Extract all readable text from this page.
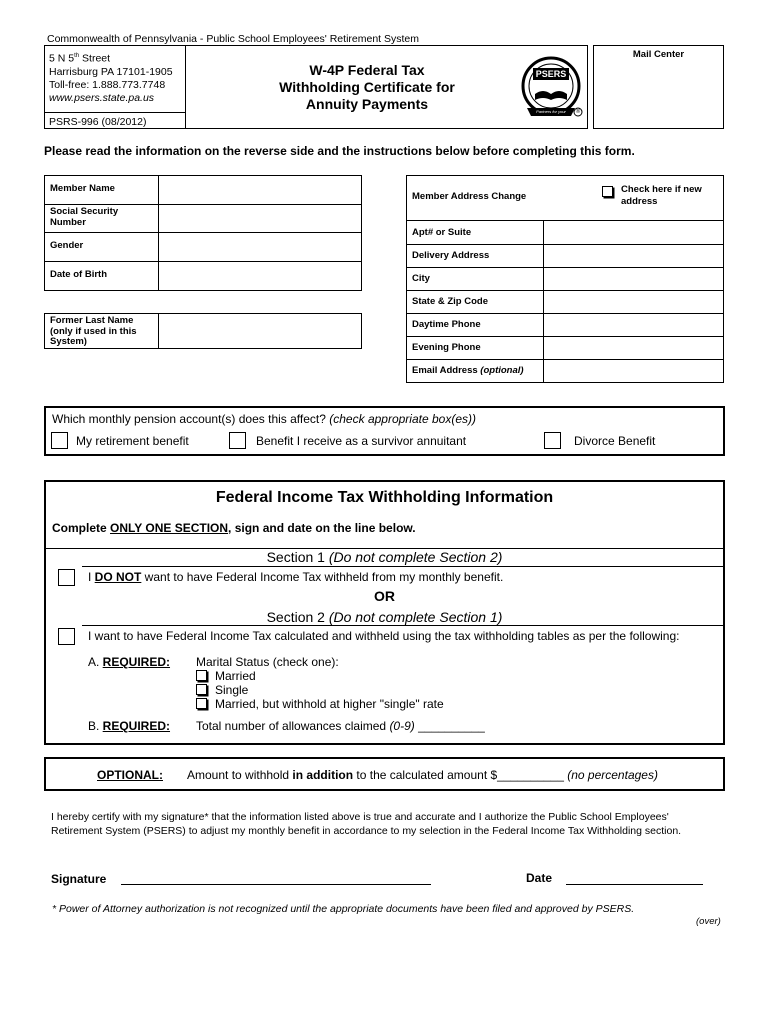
Commonwealth of Pennsylvania - Public School Employees' Retirement System
5 N 5th Street
Harrisburg PA 17101-1905
Toll-free: 1.888.773.7748
www.psers.state.pa.us
PSRS-996 (08/2012)
W-4P Federal Tax
Withholding Certificate for
Annuity Payments
PSERS
Partners for your Future
®
Mail Center
Please read the information on the reverse side and the instructions below before completing this form.
Member Name
Social Security Number
Gender
Date of Birth
Former Last Name (only if used in this System)
Member Address Change
Check here if new address
Apt# or Suite
Delivery Address
City
State & Zip Code
Daytime Phone
Evening Phone
Email Address (optional)
Which monthly pension account(s) does this affect? (check appropriate box(es))
My retirement benefit	Benefit I receive as a survivor annuitant	Divorce Benefit
Federal Income Tax Withholding Information
Complete ONLY ONE SECTION, sign and date on the line below.
Section 1 (Do not complete Section 2)
I DO NOT want to have Federal Income Tax withheld from my monthly benefit.
OR
Section 2 (Do not complete Section 1)
I want to have Federal Income Tax calculated and withheld using the tax withholding tables as per the following:
A. REQUIRED: Marital Status (check one):
Married
Single
Married, but withhold at higher "single" rate
B. REQUIRED: Total number of allowances claimed (0-9) __________
OPTIONAL: Amount to withhold in addition to the calculated amount $__________ (no percentages)
I hereby certify with my signature* that the information listed above is true and accurate and I authorize the Public School Employees' Retirement System (PSERS) to adjust my monthly benefit in accordance to my selection in the Federal Income Tax Withholding section.
Signature	Date
* Power of Attorney authorization is not recognized until the appropriate documents have been filed and approved by PSERS.
(over)
